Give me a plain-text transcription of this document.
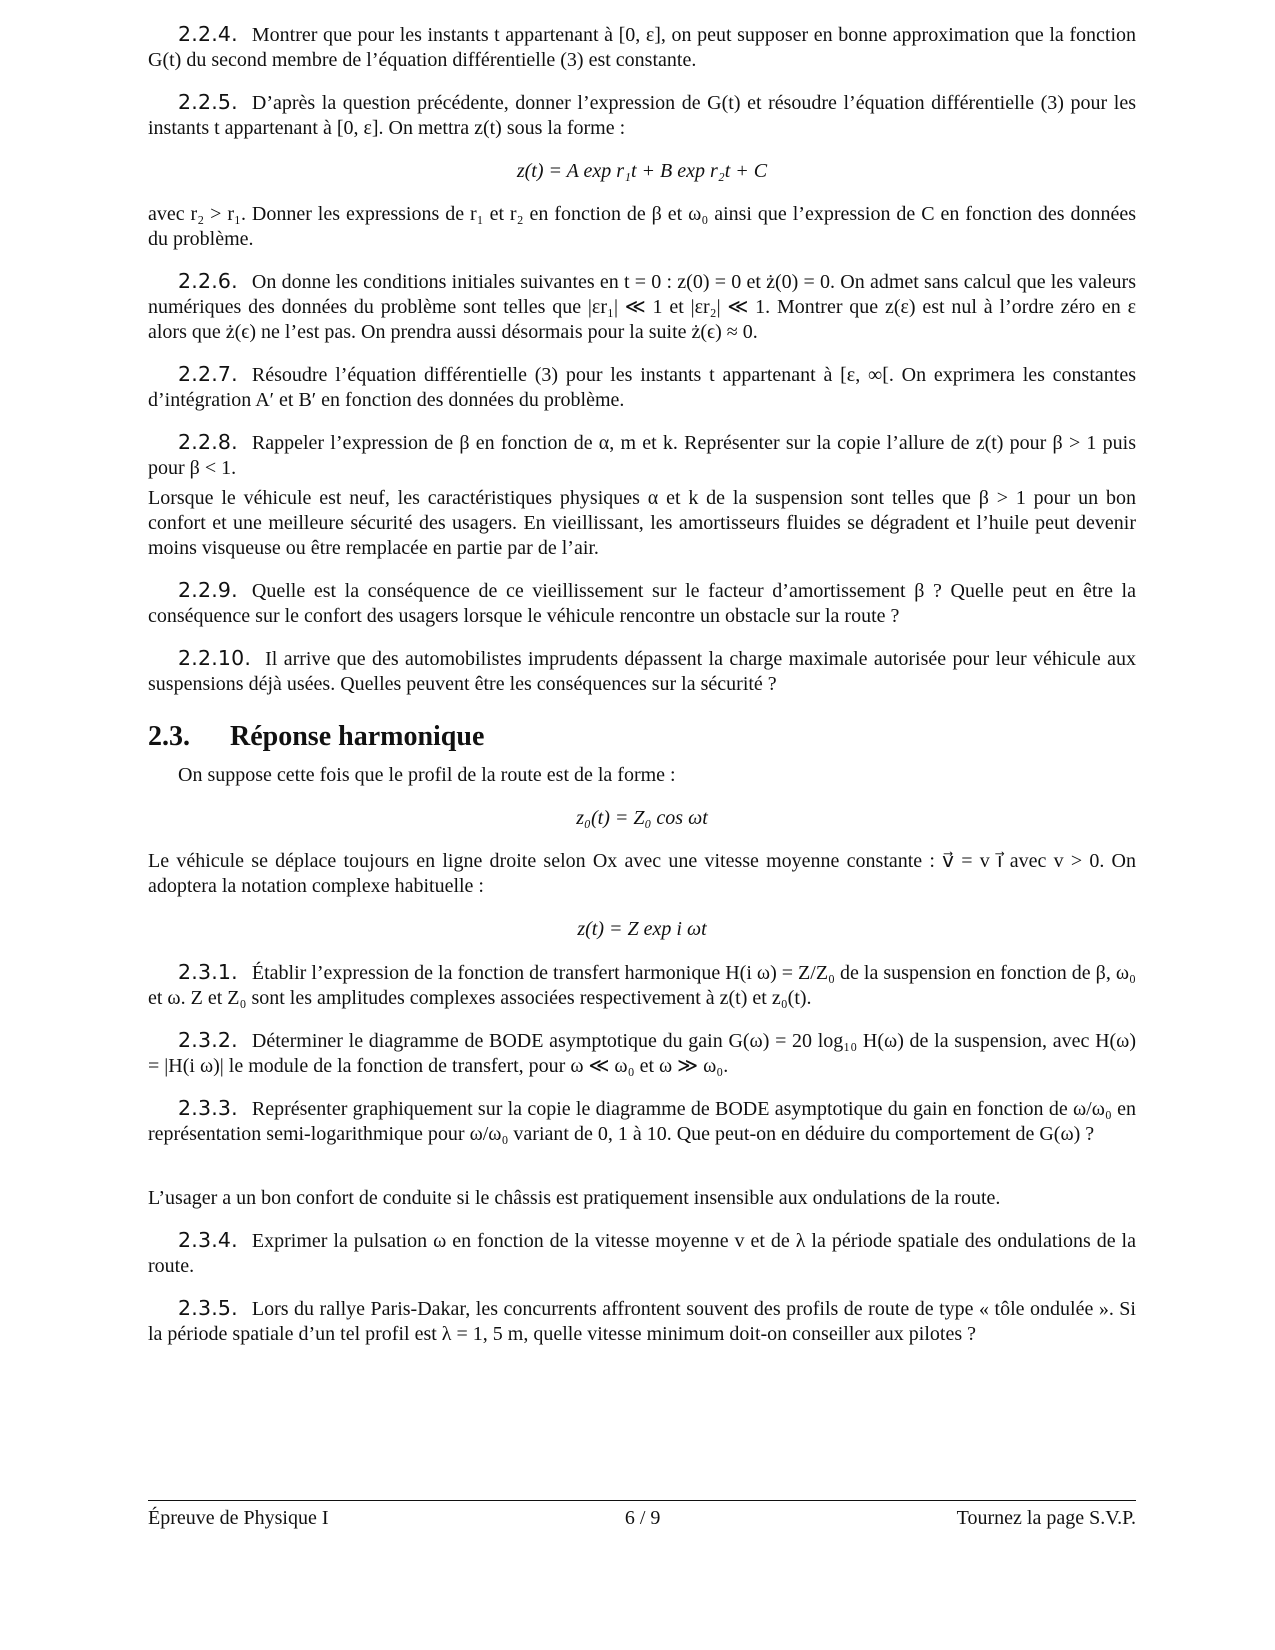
2.2.4. Montrer que pour les instants t appartenant à [0, ε], on peut supposer en bonne approximation que la fonction G(t) du second membre de l’équation différentielle (3) est constante.

2.2.5. D’après la question précédente, donner l’expression de G(t) et résoudre l’équation différentielle (3) pour les instants t appartenant à [0, ε]. On mettra z(t) sous la forme :

z(t) = A exp r₁t + B exp r₂t + C

avec r₂ > r₁. Donner les expressions de r₁ et r₂ en fonction de β et ω₀ ainsi que l’expression de C en fonction des données du problème.

2.2.6. On donne les conditions initiales suivantes en t = 0 : z(0) = 0 et ż(0) = 0. On admet sans calcul que les valeurs numériques des données du problème sont telles que |εr₁| ≪ 1 et |εr₂| ≪ 1. Montrer que z(ε) est nul à l’ordre zéro en ε alors que ż(ϵ) ne l’est pas. On prendra aussi désormais pour la suite ż(ϵ) ≈ 0.

2.2.7. Résoudre l’équation différentielle (3) pour les instants t appartenant à [ε, ∞[. On exprimera les constantes d’intégration A′ et B′ en fonction des données du problème.

2.2.8. Rappeler l’expression de β en fonction de α, m et k. Représenter sur la copie l’allure de z(t) pour β > 1 puis pour β < 1.

Lorsque le véhicule est neuf, les caractéristiques physiques α et k de la suspension sont telles que β > 1 pour un bon confort et une meilleure sécurité des usagers. En vieillissant, les amortisseurs fluides se dégradent et l’huile peut devenir moins visqueuse ou être remplacée en partie par de l’air.

2.2.9. Quelle est la conséquence de ce vieillissement sur le facteur d’amortissement β ? Quelle peut en être la conséquence sur le confort des usagers lorsque le véhicule rencontre un obstacle sur la route ?

2.2.10. Il arrive que des automobilistes imprudents dépassent la charge maximale autorisée pour leur véhicule aux suspensions déjà usées. Quelles peuvent être les conséquences sur la sécurité ?

2.3. Réponse harmonique

On suppose cette fois que le profil de la route est de la forme :

z₀(t) = Z₀ cos ωt

Le véhicule se déplace toujours en ligne droite selon Ox avec une vitesse moyenne constante : v⃗ = v i⃗ avec v > 0. On adoptera la notation complexe habituelle :

z(t) = Z exp i ωt

2.3.1. Établir l’expression de la fonction de transfert harmonique H(i ω) = Z/Z₀ de la suspension en fonction de β, ω₀ et ω. Z et Z₀ sont les amplitudes complexes associées respectivement à z(t) et z₀(t).

2.3.2. Déterminer le diagramme de BODE asymptotique du gain G(ω) = 20 log₁₀ H(ω) de la suspension, avec H(ω) = |H(i ω)| le module de la fonction de transfert, pour ω ≪ ω₀ et ω ≫ ω₀.

2.3.3. Représenter graphiquement sur la copie le diagramme de BODE asymptotique du gain en fonction de ω/ω₀ en représentation semi-logarithmique pour ω/ω₀ variant de 0, 1 à 10. Que peut-on en déduire du comportement de G(ω) ?

L’usager a un bon confort de conduite si le châssis est pratiquement insensible aux ondulations de la route.

2.3.4. Exprimer la pulsation ω en fonction de la vitesse moyenne v et de λ la période spatiale des ondulations de la route.

2.3.5. Lors du rallye Paris-Dakar, les concurrents affrontent souvent des profils de route de type « tôle ondulée ». Si la période spatiale d’un tel profil est λ = 1, 5 m, quelle vitesse minimum doit-on conseiller aux pilotes ?

Épreuve de Physique I	6 / 9	Tournez la page S.V.P.
